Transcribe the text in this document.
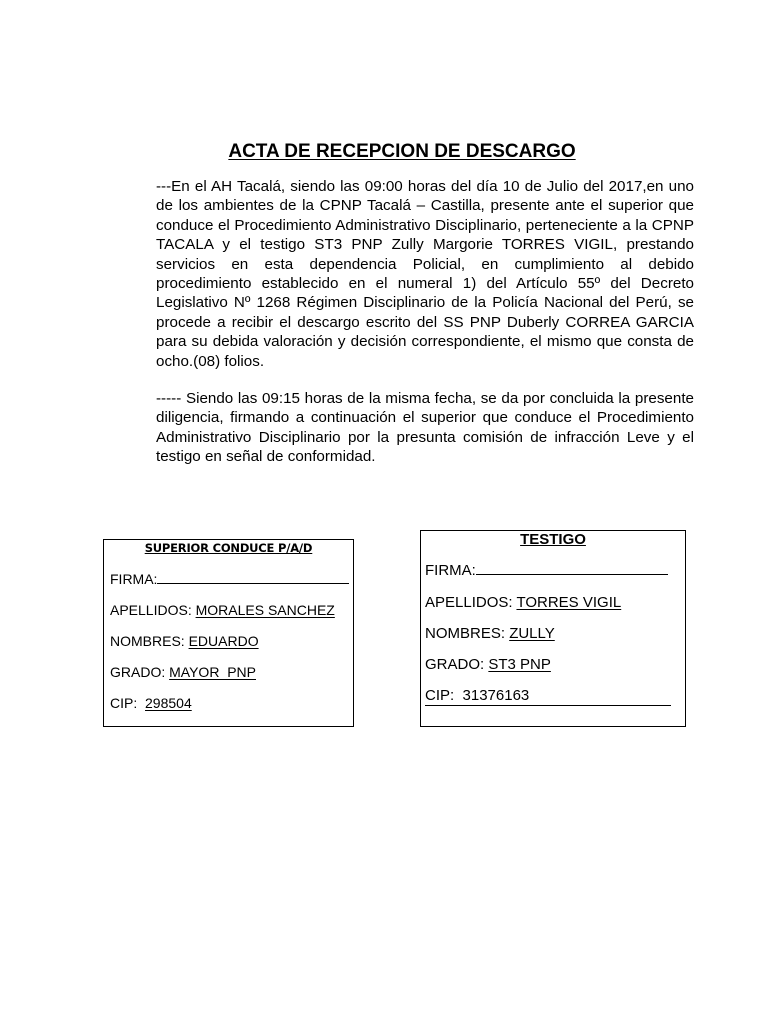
ACTA DE RECEPCION DE DESCARGO

---En el AH Tacalá, siendo las 09:00 horas del día 10 de Julio del 2017,en uno de los ambientes de la CPNP Tacalá – Castilla, presente ante el superior que conduce el Procedimiento Administrativo Disciplinario, perteneciente a la CPNP TACALA y el testigo ST3 PNP Zully Margorie TORRES VIGIL, prestando servicios en esta dependencia Policial, en cumplimiento al debido procedimiento establecido en el numeral 1) del Artículo 55º del Decreto Legislativo Nº 1268 Régimen Disciplinario de la Policía Nacional del Perú, se procede a recibir el descargo escrito del SS PNP Duberly CORREA GARCIA para su debida valoración y decisión correspondiente, el mismo que consta de ocho.(08) folios.

----- Siendo las 09:15 horas de la misma fecha, se da por concluida la presente diligencia, firmando a continuación el superior que conduce el Procedimiento Administrativo Disciplinario por la presunta comisión de infracción Leve y el testigo en señal de conformidad.

SUPERIOR CONDUCE P/A/D
FIRMA:
APELLIDOS: MORALES SANCHEZ
NOMBRES: EDUARDO
GRADO: MAYOR  PNP
CIP: 298504
TESTIGO
FIRMA:
APELLIDOS: TORRES VIGIL
NOMBRES: ZULLY
GRADO: ST3 PNP
CIP: 31376163
